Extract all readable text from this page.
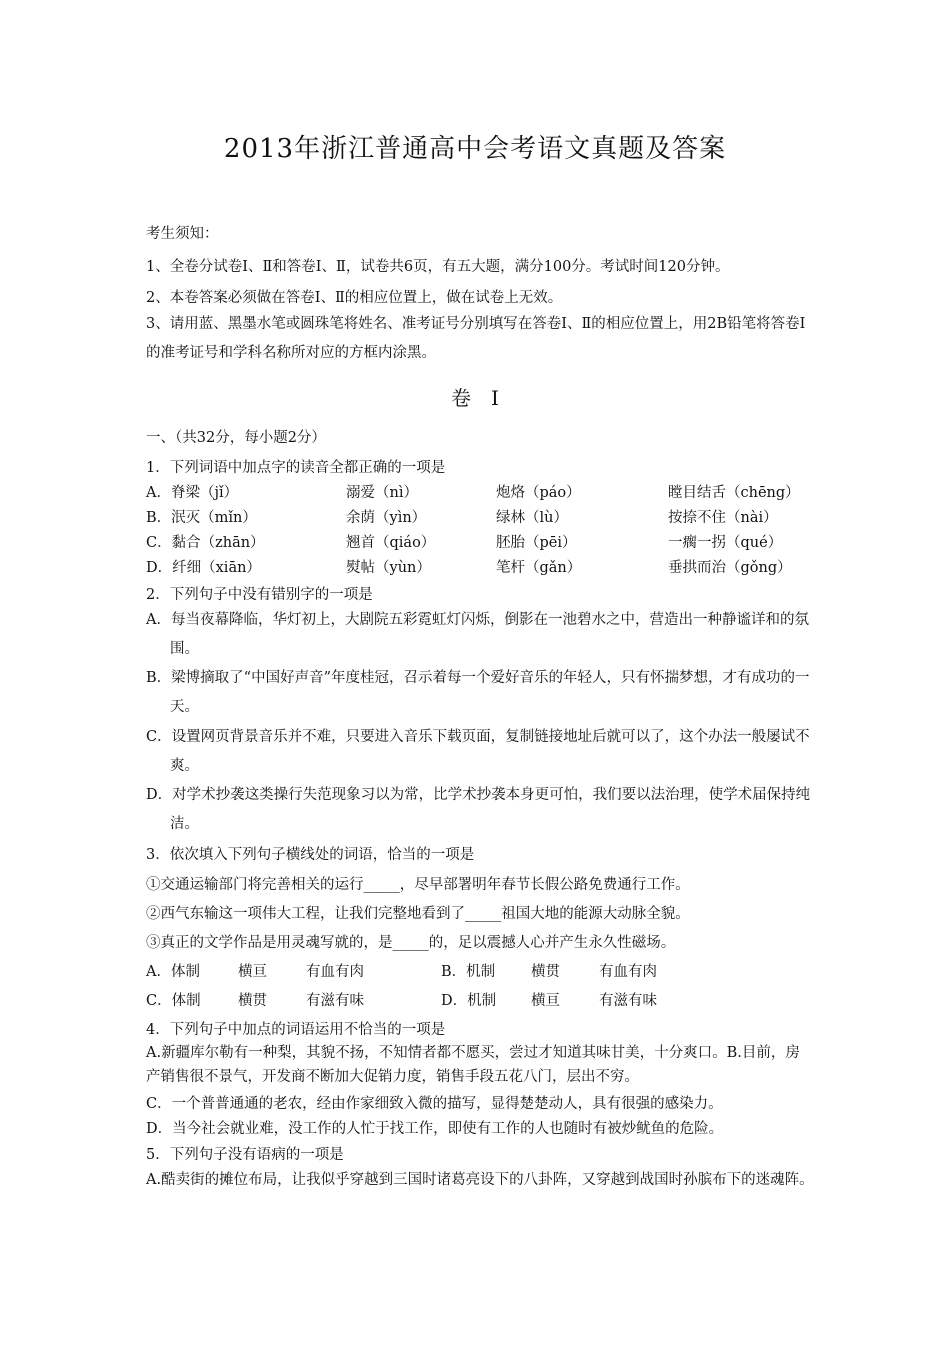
2013年浙江普通高中会考语文真题及答案
考生须知：
1、全卷分试卷Ⅰ、Ⅱ和答卷Ⅰ、Ⅱ，试卷共6页，有五大题，满分100分。考试时间120分钟。
2、本卷答案必须做在答卷Ⅰ、Ⅱ的相应位置上，做在试卷上无效。
3、请用蓝、黑墨水笔或圆珠笔将姓名、准考证号分别填写在答卷Ⅰ、Ⅱ的相应位置上，用2B铅笔将答卷Ⅰ的准考证号和学科名称所对应的方框内涂黑。
卷　Ⅰ
一、（共32分，每小题2分）
1．下列词语中加点字的读音全都正确的一项是
A．脊梁（jǐ）	溺爱（nì）	炮烙（páo）	瞠目结舌（chēng）
B．泯灭（mǐn）	余荫（yìn）	绿林（lù）	按捺不住（nài）
C．黏合（zhān）	翘首（qiáo）	胚胎（pēi）	一瘸一拐（qué）
D．纤细（xiān）	熨帖（yùn）	笔杆（gǎn）	垂拱而治（gǒng）
2．下列句子中没有错别字的一项是
A．每当夜幕降临，华灯初上，大剧院五彩霓虹灯闪烁，倒影在一池碧水之中，营造出一种静谧详和的氛围。
B．梁博摘取了“中国好声音”年度桂冠，召示着每一个爱好音乐的年轻人，只有怀揣梦想，才有成功的一天。
C．设置网页背景音乐并不难，只要进入音乐下载页面，复制链接地址后就可以了，这个办法一般屡试不爽。
D．对学术抄袭这类操行失范现象习以为常，比学术抄袭本身更可怕，我们要以法治理，使学术届保持纯洁。
3．依次填入下列句子横线处的词语，恰当的一项是
①交通运输部门将完善相关的运行_____，尽早部署明年春节长假公路免费通行工作。
②西气东输这一项伟大工程，让我们完整地看到了_____祖国大地的能源大动脉全貌。
③真正的文学作品是用灵魂写就的，是_____的，足以震撼人心并产生永久性磁场。
A．体制	横亘	有血有肉	B．机制 横贯	有血有肉
C．体制	横贯	有滋有味	D．机制 横亘	有滋有味
4．下列句子中加点的词语运用不恰当的一项是
A.新疆库尔勒有一种梨，其貌不扬，不知情者都不愿买，尝过才知道其味甘美，十分爽口。B.目前，房产销售很不景气，开发商不断加大促销力度，销售手段五花八门，层出不穷。
C．一个普普通通的老农，经由作家细致入微的描写，显得楚楚动人，具有很强的感染力。
D．当今社会就业难，没工作的人忙于找工作，即使有工作的人也随时有被炒鱿鱼的危险。
5．下列句子没有语病的一项是
A.酷卖街的摊位布局，让我似乎穿越到三国时诸葛亮设下的八卦阵，又穿越到战国时孙膑布下的迷魂阵。
